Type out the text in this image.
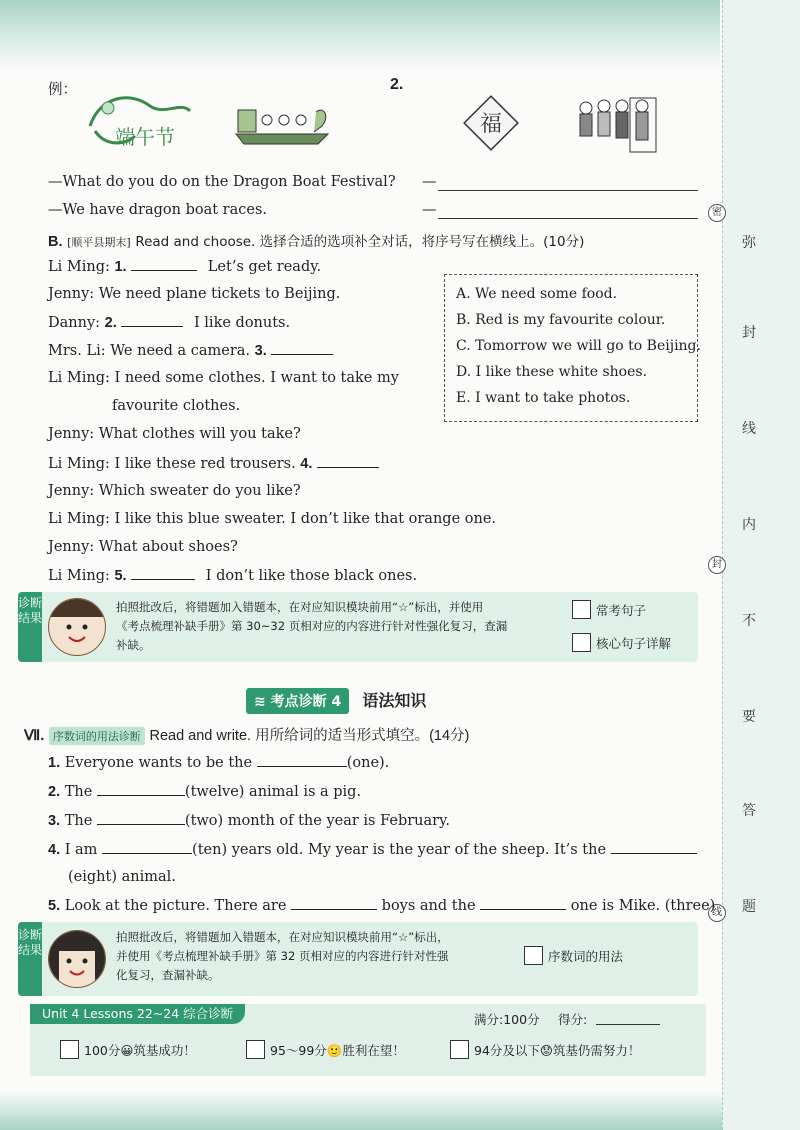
弥
封
线
内
不
要
答
题
密
封
线
例：	2.
端午节	福
—What do you do on the Dragon Boat Festival?
—We have dragon boat races.
—
—
B. [顺平县期末] Read and choose. 选择合适的选项补全对话，将序号写在横线上。(10分)
Li Ming: 1.	Let’s get ready.
Jenny: We need plane tickets to Beijing.
Danny: 2.	I like donuts.
Mrs. Li: We need a camera. 3.
Li Ming: I need some clothes. I want to take my
favourite clothes.
Jenny: What clothes will you take?
Li Ming: I like these red trousers. 4.
Jenny: Which sweater do you like?
Li Ming: I like this blue sweater. I don’t like that orange one.
Jenny: What about shoes?
Li Ming: 5.	I don’t like those black ones.
A. We need some food.
B. Red is my favourite colour.
C. Tomorrow we will go to Beijing.
D. I like these white shoes.
E. I want to take photos.
诊断结果
拍照批改后，将错题加入错题本，在对应知识模块前用“☆”标出，并使用
《考点梳理补缺手册》第 30~32 页相对应的内容进行针对性强化复习，查漏
补缺。
常考句子
核心句子详解
≋ 考点诊断 4 语法知识
Ⅶ. 序数词的用法诊断 Read and write. 用所给词的适当形式填空。(14分)
1. Everyone wants to be the	(one).
2. The	(twelve) animal is a pig.
3. The	(two) month of the year is February.
4. I am	(ten) years old. My year is the year of the sheep. It’s the
(eight) animal.
5. Look at the picture. There are	boys and the	one is Mike. (three)
诊断结果
拍照批改后，将错题加入错题本，在对应知识模块前用“☆”标出，
并使用《考点梳理补缺手册》第 32 页相对应的内容进行针对性强
化复习，查漏补缺。
序数词的用法
Unit 4 Lessons 22~24 综合诊断	满分:100分 得分:
100分😀筑基成功！	95～99分🙂胜利在望！	94分及以下😟筑基仍需努力！
